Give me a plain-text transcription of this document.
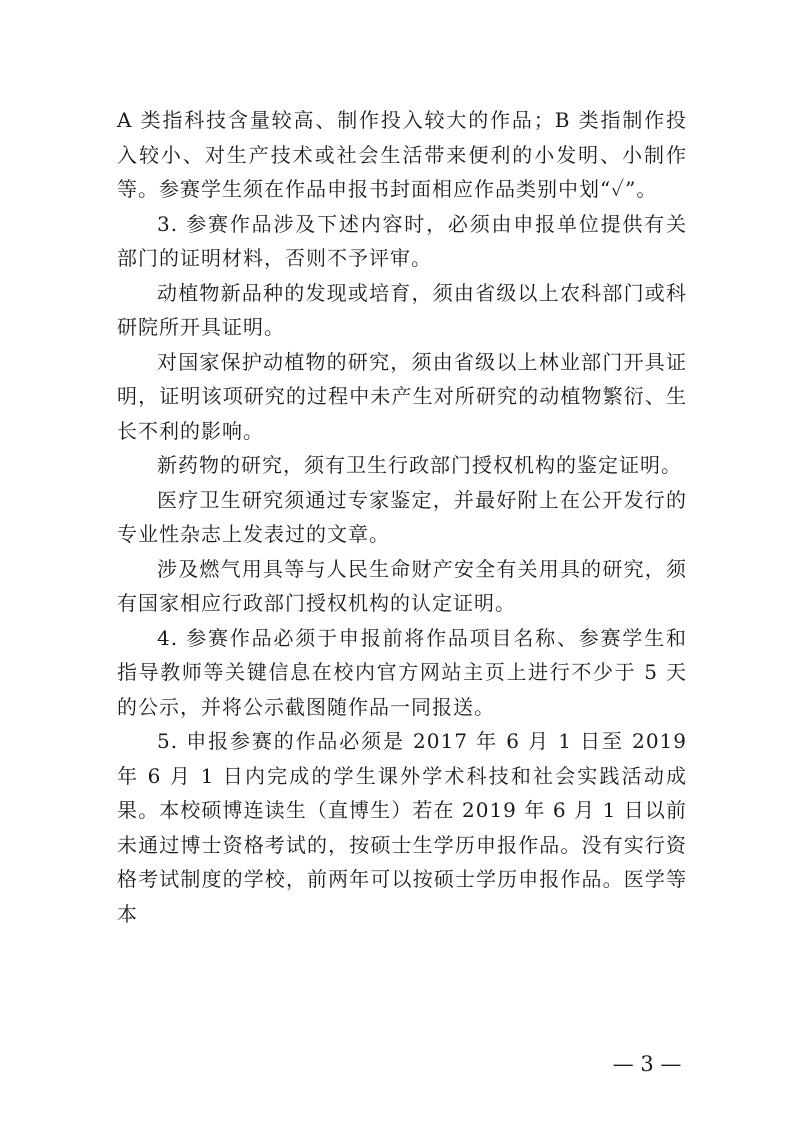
A 类指科技含量较高、制作投入较大的作品；B 类指制作投入较小、对生产技术或社会生活带来便利的小发明、小制作等。参赛学生须在作品申报书封面相应作品类别中划“✓”。

3. 参赛作品涉及下述内容时，必须由申报单位提供有关部门的证明材料，否则不予评审。

动植物新品种的发现或培育，须由省级以上农科部门或科研院所开具证明。

对国家保护动植物的研究，须由省级以上林业部门开具证明，证明该项研究的过程中未产生对所研究的动植物繁衍、生长不利的影响。

新药物的研究，须有卫生行政部门授权机构的鉴定证明。

医疗卫生研究须通过专家鉴定，并最好附上在公开发行的专业性杂志上发表过的文章。

涉及燃气用具等与人民生命财产安全有关用具的研究，须有国家相应行政部门授权机构的认定证明。

4. 参赛作品必须于申报前将作品项目名称、参赛学生和指导教师等关键信息在校内官方网站主页上进行不少于 5 天的公示，并将公示截图随作品一同报送。

5. 申报参赛的作品必须是 2017 年 6 月 1 日至 2019 年 6 月 1 日内完成的学生课外学术科技和社会实践活动成果。本校硕博连读生（直博生）若在 2019 年 6 月 1 日以前未通过博士资格考试的，按硕士生学历申报作品。没有实行资格考试制度的学校，前两年可以按硕士学历申报作品。医学等本

— 3 —
